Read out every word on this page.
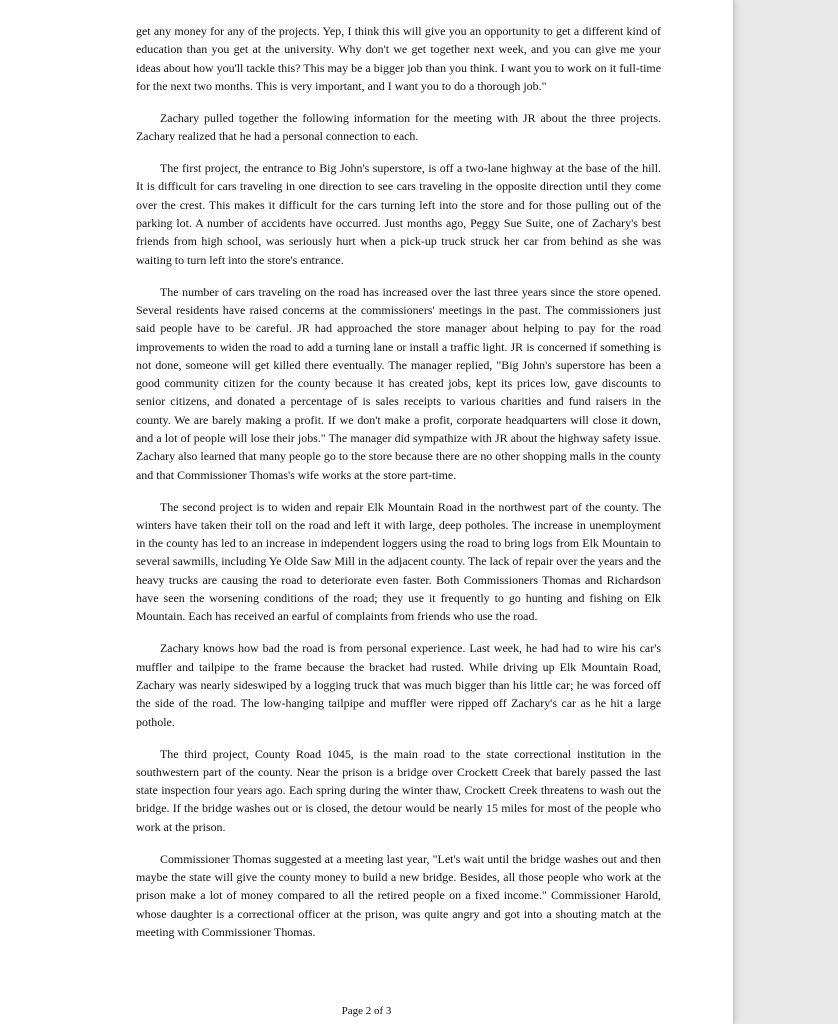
get any money for any of the projects. Yep, I think this will give you an opportunity to get a different kind of education than you get at the university. Why don't we get together next week, and you can give me your ideas about how you'll tackle this? This may be a bigger job than you think. I want you to work on it full-time for the next two months. This is very important, and I want you to do a thorough job."

Zachary pulled together the following information for the meeting with JR about the three projects. Zachary realized that he had a personal connection to each.

The first project, the entrance to Big John's superstore, is off a two-lane highway at the base of the hill. It is difficult for cars traveling in one direction to see cars traveling in the opposite direction until they come over the crest. This makes it difficult for the cars turning left into the store and for those pulling out of the parking lot. A number of accidents have occurred. Just months ago, Peggy Sue Suite, one of Zachary's best friends from high school, was seriously hurt when a pick-up truck struck her car from behind as she was waiting to turn left into the store's entrance.

The number of cars traveling on the road has increased over the last three years since the store opened. Several residents have raised concerns at the commissioners' meetings in the past. The commissioners just said people have to be careful. JR had approached the store manager about helping to pay for the road improvements to widen the road to add a turning lane or install a traffic light. JR is concerned if something is not done, someone will get killed there eventually. The manager replied, "Big John's superstore has been a good community citizen for the county because it has created jobs, kept its prices low, gave discounts to senior citizens, and donated a percentage of is sales receipts to various charities and fund raisers in the county. We are barely making a profit. If we don't make a profit, corporate headquarters will close it down, and a lot of people will lose their jobs." The manager did sympathize with JR about the highway safety issue. Zachary also learned that many people go to the store because there are no other shopping malls in the county and that Commissioner Thomas's wife works at the store part-time.

The second project is to widen and repair Elk Mountain Road in the northwest part of the county. The winters have taken their toll on the road and left it with large, deep potholes. The increase in unemployment in the county has led to an increase in independent loggers using the road to bring logs from Elk Mountain to several sawmills, including Ye Olde Saw Mill in the adjacent county. The lack of repair over the years and the heavy trucks are causing the road to deteriorate even faster. Both Commissioners Thomas and Richardson have seen the worsening conditions of the road; they use it frequently to go hunting and fishing on Elk Mountain. Each has received an earful of complaints from friends who use the road.

Zachary knows how bad the road is from personal experience. Last week, he had had to wire his car's muffler and tailpipe to the frame because the bracket had rusted. While driving up Elk Mountain Road, Zachary was nearly sideswiped by a logging truck that was much bigger than his little car; he was forced off the side of the road. The low-hanging tailpipe and muffler were ripped off Zachary's car as he hit a large pothole.

The third project, County Road 1045, is the main road to the state correctional institution in the southwestern part of the county. Near the prison is a bridge over Crockett Creek that barely passed the last state inspection four years ago. Each spring during the winter thaw, Crockett Creek threatens to wash out the bridge. If the bridge washes out or is closed, the detour would be nearly 15 miles for most of the people who work at the prison.

Commissioner Thomas suggested at a meeting last year, "Let's wait until the bridge washes out and then maybe the state will give the county money to build a new bridge. Besides, all those people who work at the prison make a lot of money compared to all the retired people on a fixed income." Commissioner Harold, whose daughter is a correctional officer at the prison, was quite angry and got into a shouting match at the meeting with Commissioner Thomas.

Page 2 of 3
